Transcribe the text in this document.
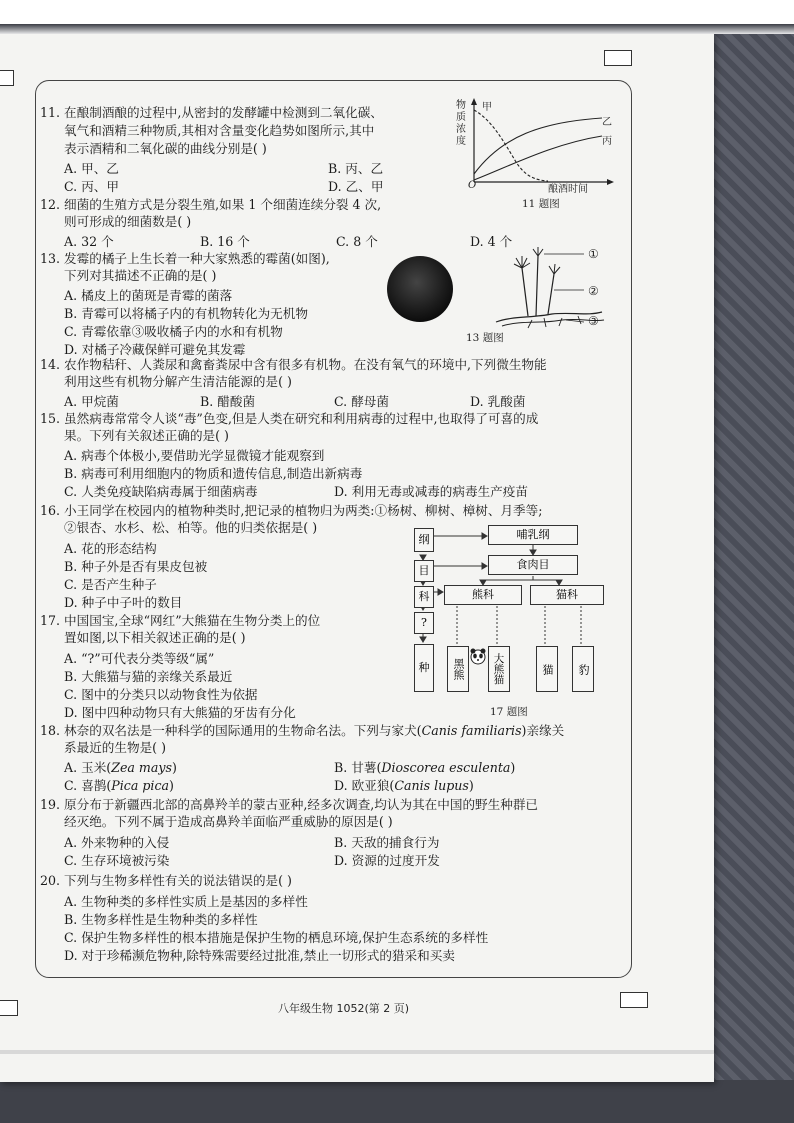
11. 在酿制酒酿的过程中,从密封的发酵罐中检测到二氧化碳、
氧气和酒精三种物质,其相对含量变化趋势如图所示,其中
表示酒精和二氧化碳的曲线分别是( )
A. 甲、乙	B. 丙、乙
C. 丙、甲	D. 乙、甲
物质浓度
甲
乙
丙
O	酿酒时间
11 题图
12. 细菌的生殖方式是分裂生殖,如果 1 个细菌连续分裂 4 次,
则可形成的细菌数是( )
A. 32 个	B. 16 个	C. 8 个	D. 4 个
13. 发霉的橘子上生长着一种大家熟悉的霉菌(如图),
下列对其描述不正确的是( )
A. 橘皮上的菌斑是青霉的菌落
B. 青霉可以将橘子内的有机物转化为无机物
C. 青霉依靠③吸收橘子内的水和有机物
D. 对橘子冷藏保鲜可避免其发霉
①
②
③
13 题图
14. 农作物秸秆、人粪尿和禽畜粪尿中含有很多有机物。在没有氧气的环境中,下列微生物能
利用这些有机物分解产生清洁能源的是( )
A. 甲烷菌	B. 醋酸菌	C. 酵母菌	D. 乳酸菌
15. 虽然病毒常常令人谈“毒”色变,但是人类在研究和利用病毒的过程中,也取得了可喜的成
果。下列有关叙述正确的是( )
A. 病毒个体极小,要借助光学显微镜才能观察到
B. 病毒可利用细胞内的物质和遗传信息,制造出新病毒
C. 人类免疫缺陷病毒属于细菌病毒	D. 利用无毒或减毒的病毒生产疫苗
16. 小王同学在校园内的植物种类时,把记录的植物归为两类:①杨树、柳树、樟树、月季等;
②银杏、水杉、松、柏等。他的归类依据是( )
A. 花的形态结构
B. 种子外是否有果皮包被
C. 是否产生种子
D. 种子中子叶的数目
17. 中国国宝,全球“网红”大熊猫在生物分类上的位
置如图,以下相关叙述正确的是( )
A. “?”可代表分类等级“属”
B. 大熊猫与猫的亲缘关系最近
C. 图中的分类只以动物食性为依据
D. 图中四种动物只有大熊猫的牙齿有分化
纲
目
科
?
种
哺乳纲
食肉目
熊科	猫科
黑熊	大熊猫	猫	豹
17 题图
18. 林奈的双名法是一种科学的国际通用的生物命名法。下列与家犬(Canis familiaris)亲缘关
系最近的生物是( )
A. 玉米(Zea mays)	B. 甘薯(Dioscorea esculenta)
C. 喜鹊(Pica pica)	D. 欧亚狼(Canis lupus)
19. 原分布于新疆西北部的高鼻羚羊的蒙古亚种,经多次调查,均认为其在中国的野生种群已
经灭绝。下列不属于造成高鼻羚羊面临严重威胁的原因是( )
A. 外来物种的入侵	B. 天敌的捕食行为
C. 生存环境被污染	D. 资源的过度开发
20. 下列与生物多样性有关的说法错误的是( )
A. 生物种类的多样性实质上是基因的多样性
B. 生物多样性是生物种类的多样性
C. 保护生物多样性的根本措施是保护生物的栖息环境,保护生态系统的多样性
D. 对于珍稀濒危物种,除特殊需要经过批准,禁止一切形式的猎采和买卖
八年级生物 1052(第 2 页)
